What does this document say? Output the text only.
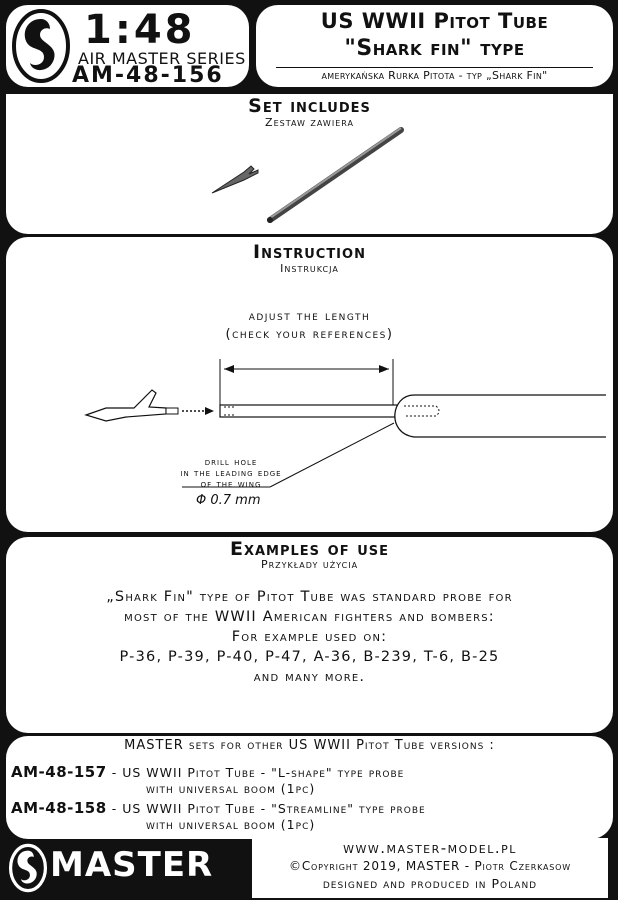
1:48
AIR MASTER SERIES
AM-48-156
US WWII Pitot Tube
"Shark fin" type
amerykańska Rurka Pitota - typ „Shark Fin"
Set includes
Zestaw zawiera
Instruction
Instrukcja
adjust the length
(check your references)
drill hole
in the leading edge
of the wing
Φ 0.7 mm
Examples of use
Przykłady użycia
„Shark Fin" type of Pitot Tube was standard probe for
most of the WWII American fighters and bombers:
For example used on:
P-36, P-39, P-40, P-47, A-36, B-239, T-6, B-25
and many more.
MASTER sets for other US WWII Pitot Tube versions :
AM-48-157 - US WWII Pitot Tube - "L-shape" type probe
with universal boom (1pc)
AM-48-158 - US WWII Pitot Tube - "Streamline" type probe
with universal boom (1pc)
MASTER	www.master-model.pl
©Copyright 2019, MASTER - Piotr Czerkasow
designed and produced in Poland
